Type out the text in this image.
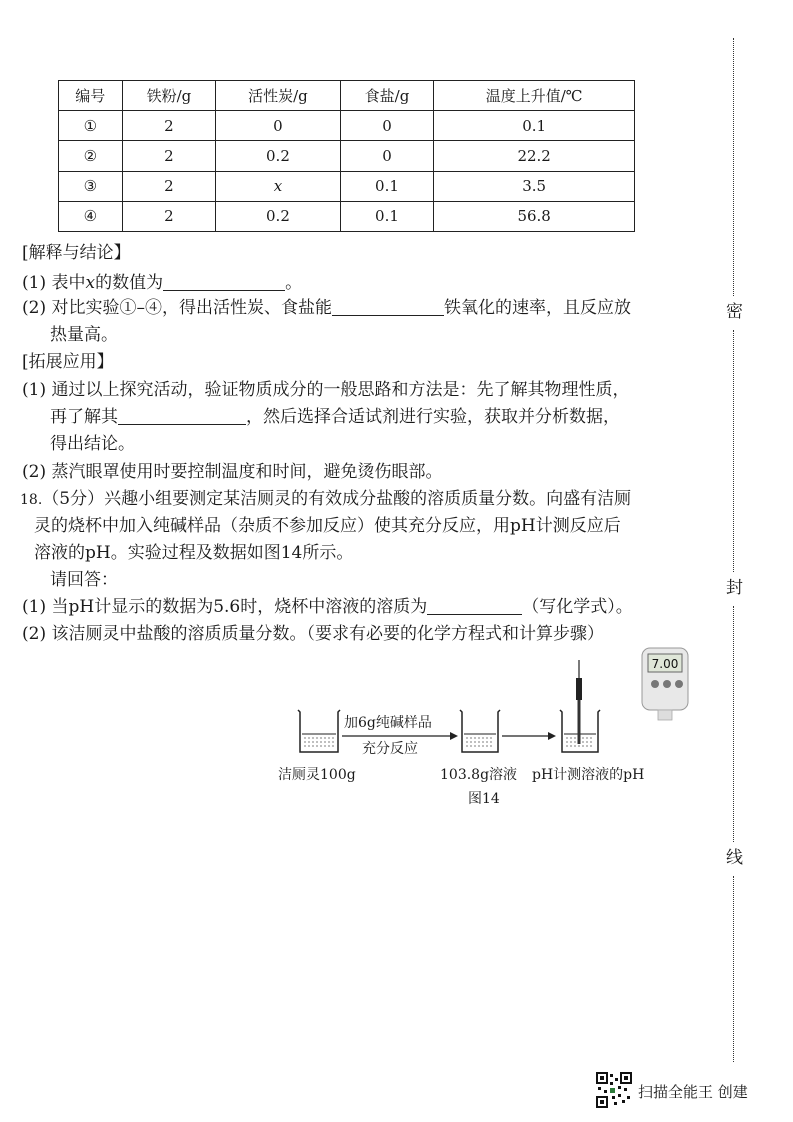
编号	铁粉/g	活性炭/g	食盐/g	温度上升值/℃
①	2	0	0	0.1
②	2	0.2	0	22.2
③	2	x	0.1	3.5
④	2	0.2	0.1	56.8
[解释与结论】
(1) 表中x的数值为	。
(2) 对比实验①–④，得出活性炭、食盐能	铁氧化的速率，且反应放
热量高。
[拓展应用】
(1) 通过以上探究活动，验证物质成分的一般思路和方法是：先了解其物理性质，
再了解其	，然后选择合适试剂进行实验，获取并分析数据，
得出结论。
(2) 蒸汽眼罩使用时要控制温度和时间，避免烫伤眼部。
18.（5分）兴趣小组要测定某洁厕灵的有效成分盐酸的溶质质量分数。向盛有洁厕
灵的烧杯中加入纯碱样品（杂质不参加反应）使其充分反应，用pH计测反应后
溶液的pH。实验过程及数据如图14所示。
请回答：
(1) 当pH计显示的数据为5.6时，烧杯中溶液的溶质为	（写化学式）。
(2) 该洁厕灵中盐酸的溶质质量分数。（要求有必要的化学方程式和计算步骤）
7.00
加6g纯碱样品
充分反应
洁厕灵100g	103.8g溶液 pH计测溶液的pH
图14
密
封
线
扫描全能王 创建
